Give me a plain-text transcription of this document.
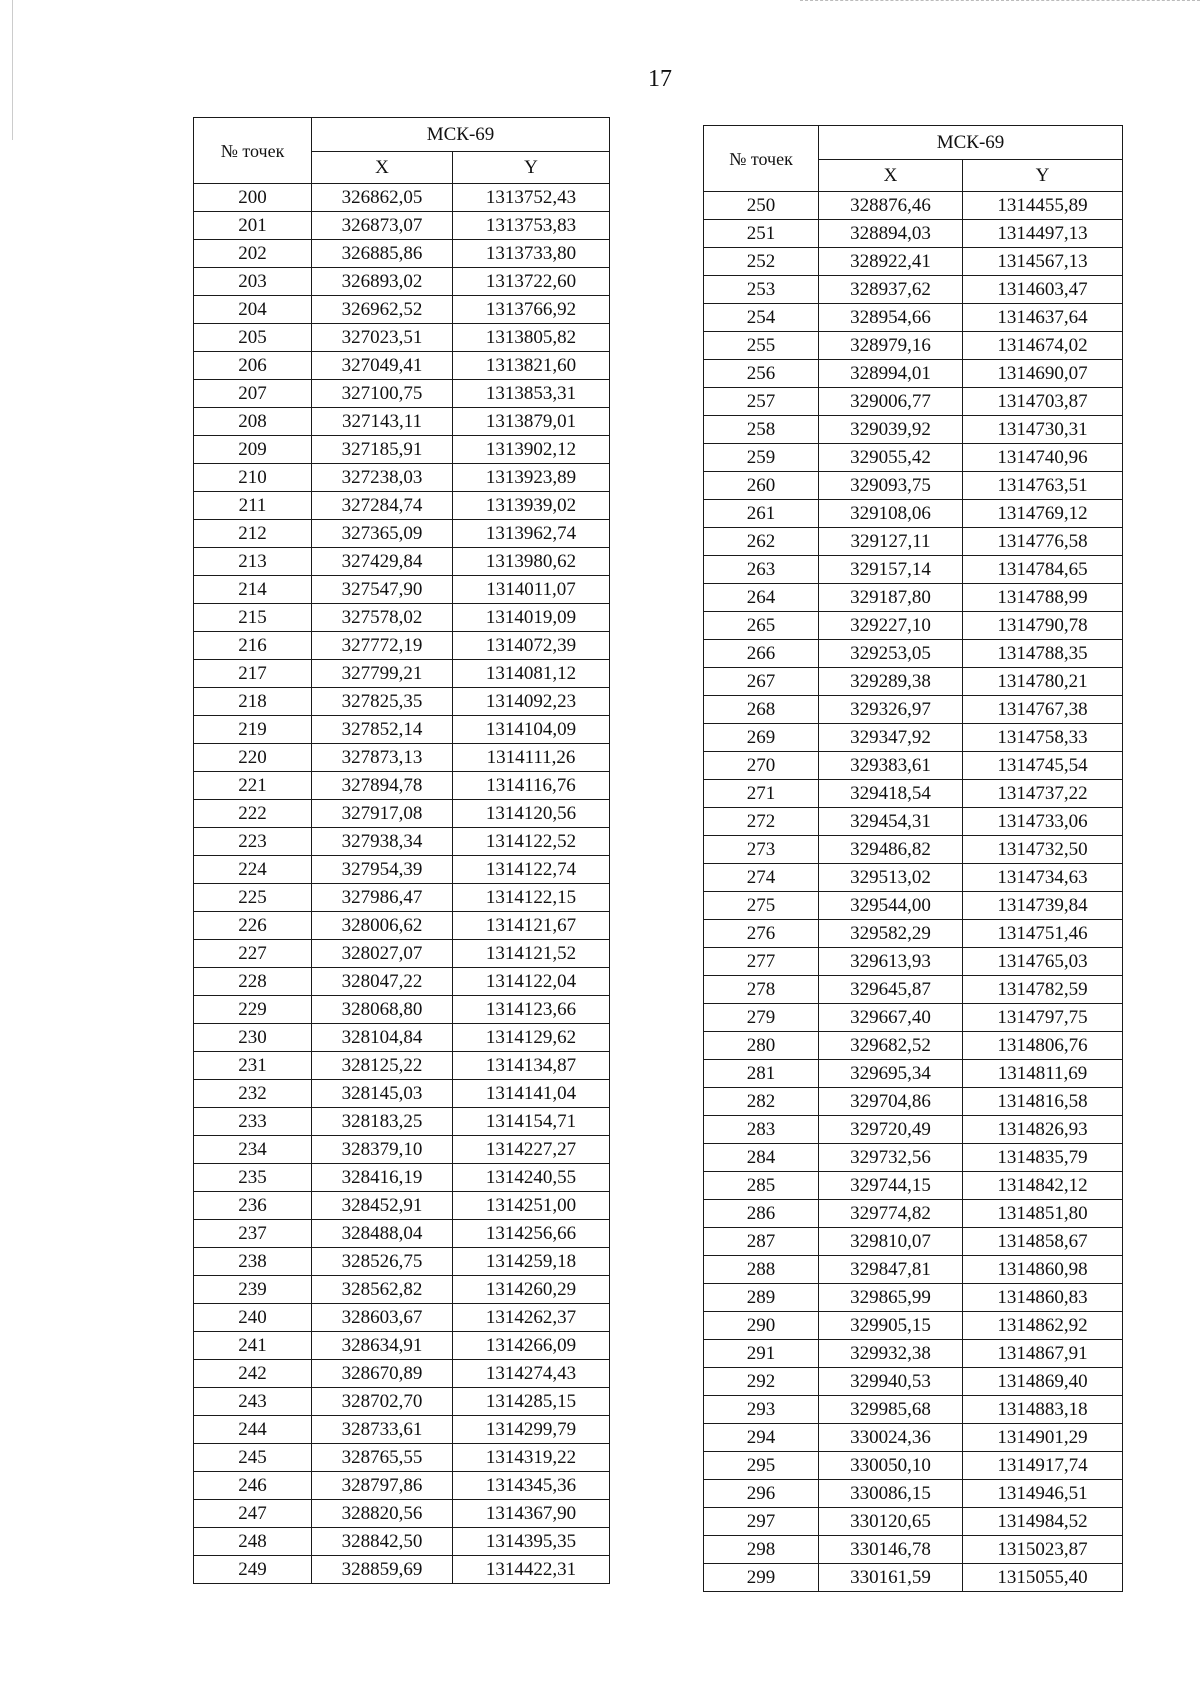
17
№ точек	МСК-69	
	X	Y
200	326862,05	1313752,43
201	326873,07	1313753,83
202	326885,86	1313733,80
203	326893,02	1313722,60
204	326962,52	1313766,92
205	327023,51	1313805,82
206	327049,41	1313821,60
207	327100,75	1313853,31
208	327143,11	1313879,01
209	327185,91	1313902,12
210	327238,03	1313923,89
211	327284,74	1313939,02
212	327365,09	1313962,74
213	327429,84	1313980,62
214	327547,90	1314011,07
215	327578,02	1314019,09
216	327772,19	1314072,39
217	327799,21	1314081,12
218	327825,35	1314092,23
219	327852,14	1314104,09
220	327873,13	1314111,26
221	327894,78	1314116,76
222	327917,08	1314120,56
223	327938,34	1314122,52
224	327954,39	1314122,74
225	327986,47	1314122,15
226	328006,62	1314121,67
227	328027,07	1314121,52
228	328047,22	1314122,04
229	328068,80	1314123,66
230	328104,84	1314129,62
231	328125,22	1314134,87
232	328145,03	1314141,04
233	328183,25	1314154,71
234	328379,10	1314227,27
235	328416,19	1314240,55
236	328452,91	1314251,00
237	328488,04	1314256,66
238	328526,75	1314259,18
239	328562,82	1314260,29
240	328603,67	1314262,37
241	328634,91	1314266,09
242	328670,89	1314274,43
243	328702,70	1314285,15
244	328733,61	1314299,79
245	328765,55	1314319,22
246	328797,86	1314345,36
247	328820,56	1314367,90
248	328842,50	1314395,35
249	328859,69	1314422,31
№ точек	МСК-69	
	X	Y
250	328876,46	1314455,89
251	328894,03	1314497,13
252	328922,41	1314567,13
253	328937,62	1314603,47
254	328954,66	1314637,64
255	328979,16	1314674,02
256	328994,01	1314690,07
257	329006,77	1314703,87
258	329039,92	1314730,31
259	329055,42	1314740,96
260	329093,75	1314763,51
261	329108,06	1314769,12
262	329127,11	1314776,58
263	329157,14	1314784,65
264	329187,80	1314788,99
265	329227,10	1314790,78
266	329253,05	1314788,35
267	329289,38	1314780,21
268	329326,97	1314767,38
269	329347,92	1314758,33
270	329383,61	1314745,54
271	329418,54	1314737,22
272	329454,31	1314733,06
273	329486,82	1314732,50
274	329513,02	1314734,63
275	329544,00	1314739,84
276	329582,29	1314751,46
277	329613,93	1314765,03
278	329645,87	1314782,59
279	329667,40	1314797,75
280	329682,52	1314806,76
281	329695,34	1314811,69
282	329704,86	1314816,58
283	329720,49	1314826,93
284	329732,56	1314835,79
285	329744,15	1314842,12
286	329774,82	1314851,80
287	329810,07	1314858,67
288	329847,81	1314860,98
289	329865,99	1314860,83
290	329905,15	1314862,92
291	329932,38	1314867,91
292	329940,53	1314869,40
293	329985,68	1314883,18
294	330024,36	1314901,29
295	330050,10	1314917,74
296	330086,15	1314946,51
297	330120,65	1314984,52
298	330146,78	1315023,87
299	330161,59	1315055,40
